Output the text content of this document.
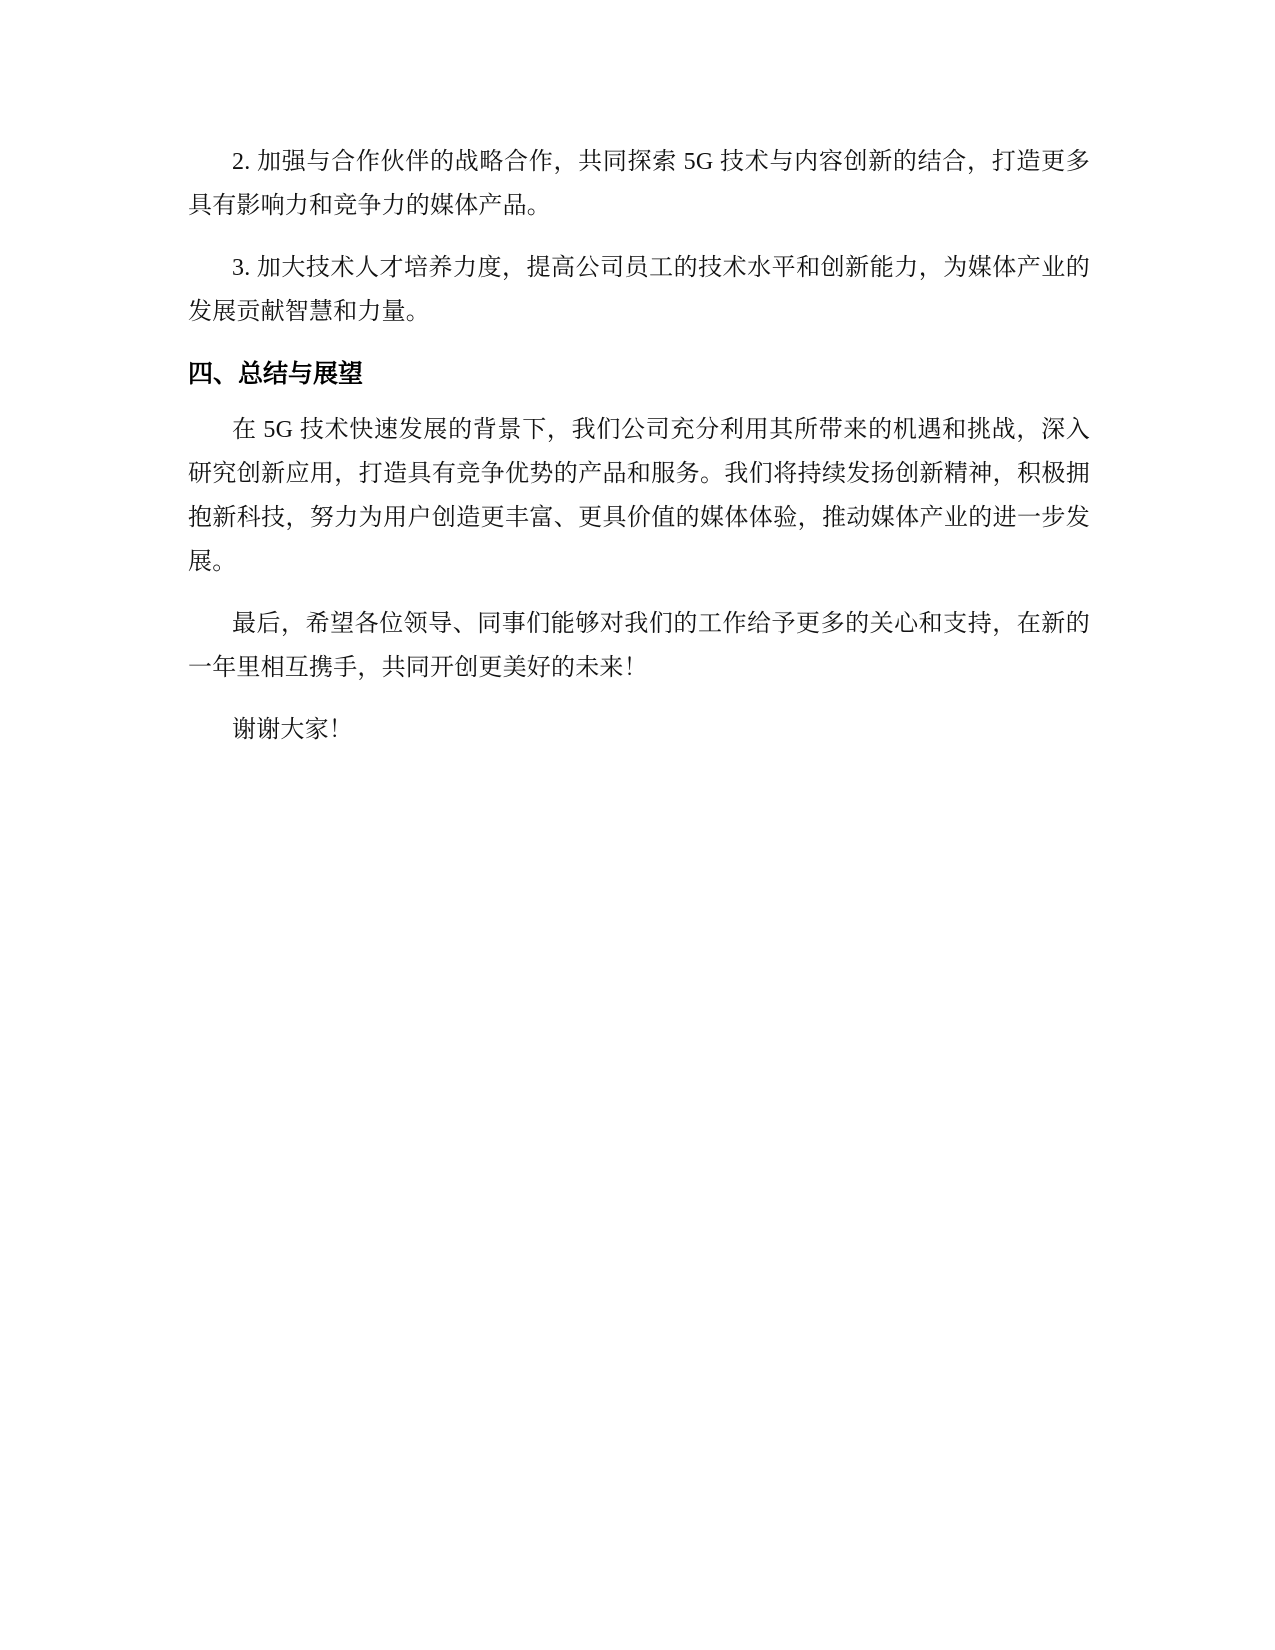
2. 加强与合作伙伴的战略合作，共同探索 5G 技术与内容创新的结合，打造更多具有影响力和竞争力的媒体产品。

3. 加大技术人才培养力度，提高公司员工的技术水平和创新能力，为媒体产业的发展贡献智慧和力量。

四、总结与展望

在 5G 技术快速发展的背景下，我们公司充分利用其所带来的机遇和挑战，深入研究创新应用，打造具有竞争优势的产品和服务。我们将持续发扬创新精神，积极拥抱新科技，努力为用户创造更丰富、更具价值的媒体体验，推动媒体产业的进一步发展。

最后，希望各位领导、同事们能够对我们的工作给予更多的关心和支持，在新的一年里相互携手，共同开创更美好的未来！

谢谢大家！
